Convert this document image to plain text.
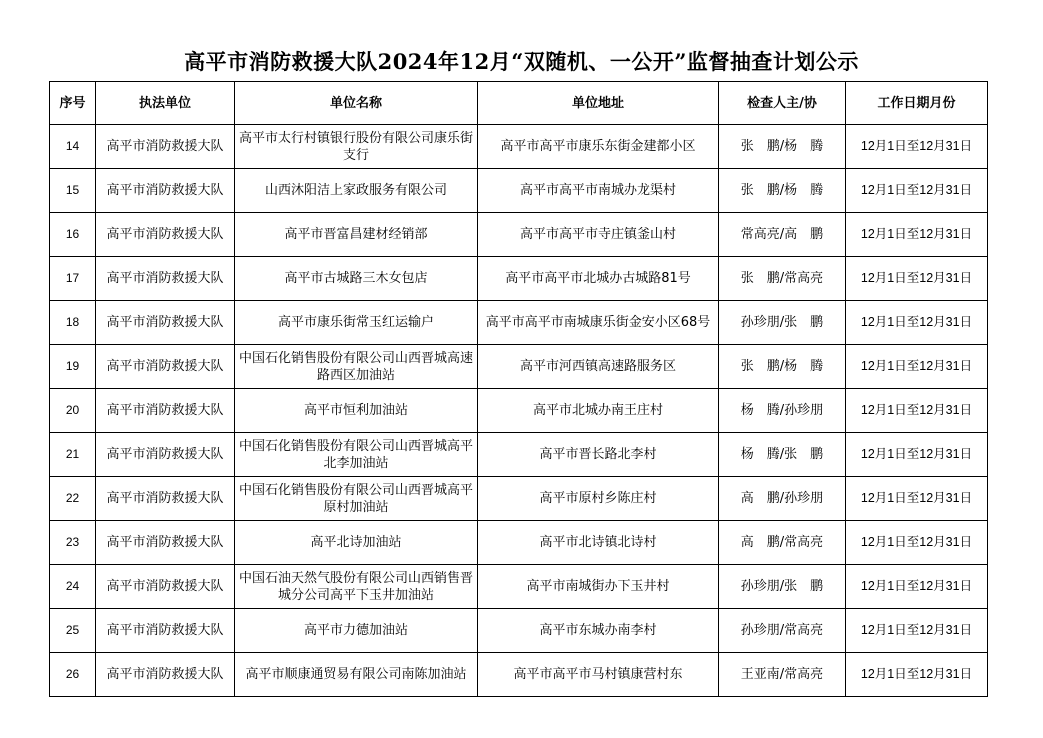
高平市消防救援大队2024年12月“双随机、一公开”监督抽查计划公示
序号	执法单位	单位名称	单位地址	检查人主/协	工作日期月份
14	高平市消防救援大队	高平市太行村镇银行股份有限公司康乐街支行	高平市高平市康乐东街金建都小区	张　鹏/杨　腾	12月1日至12月31日
15	高平市消防救援大队	山西沐阳洁上家政服务有限公司	高平市高平市南城办龙渠村	张　鹏/杨　腾	12月1日至12月31日
16	高平市消防救援大队	高平市晋富昌建材经销部	高平市高平市寺庄镇釜山村	常高亮/高　鹏	12月1日至12月31日
17	高平市消防救援大队	高平市古城路三木女包店	高平市高平市北城办古城路81号	张　鹏/常高亮	12月1日至12月31日
18	高平市消防救援大队	高平市康乐街常玉红运输户	高平市高平市南城康乐街金安小区68号	孙珍朋/张　鹏	12月1日至12月31日
19	高平市消防救援大队	中国石化销售股份有限公司山西晋城高速路西区加油站	高平市河西镇高速路服务区	张　鹏/杨　腾	12月1日至12月31日
20	高平市消防救援大队	高平市恒利加油站	高平市北城办南王庄村	杨　腾/孙珍朋	12月1日至12月31日
21	高平市消防救援大队	中国石化销售股份有限公司山西晋城高平北李加油站	高平市晋长路北李村	杨　腾/张　鹏	12月1日至12月31日
22	高平市消防救援大队	中国石化销售股份有限公司山西晋城高平原村加油站	高平市原村乡陈庄村	高　鹏/孙珍朋	12月1日至12月31日
23	高平市消防救援大队	高平北诗加油站	高平市北诗镇北诗村	高　鹏/常高亮	12月1日至12月31日
24	高平市消防救援大队	中国石油天然气股份有限公司山西销售晋城分公司高平下玉井加油站	高平市南城街办下玉井村	孙珍朋/张　鹏	12月1日至12月31日
25	高平市消防救援大队	高平市力德加油站	高平市东城办南李村	孙珍朋/常高亮	12月1日至12月31日
26	高平市消防救援大队	高平市顺康通贸易有限公司南陈加油站	高平市高平市马村镇康营村东	王亚南/常高亮	12月1日至12月31日
